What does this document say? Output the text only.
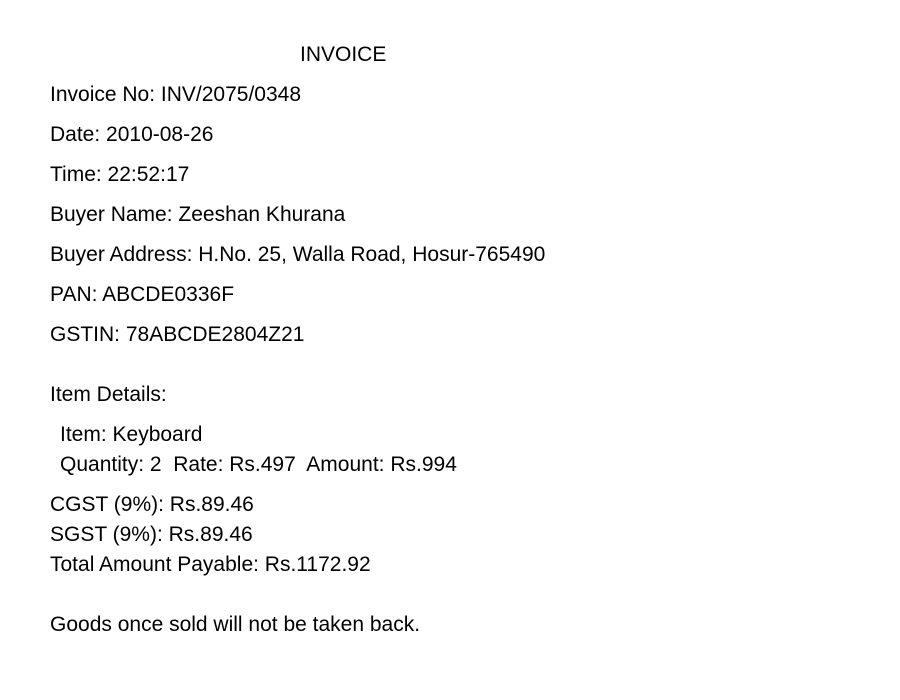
INVOICE

Invoice No: INV/2075/0348

Date: 2010-08-26

Time: 22:52:17

Buyer Name: Zeeshan Khurana

Buyer Address: H.No. 25, Walla Road, Hosur-765490

PAN: ABCDE0336F

GSTIN: 78ABCDE2804Z21

Item Details:

Item: Keyboard

Quantity: 2  Rate: Rs.497  Amount: Rs.994

CGST (9%): Rs.89.46

SGST (9%): Rs.89.46

Total Amount Payable: Rs.1172.92

Goods once sold will not be taken back.
